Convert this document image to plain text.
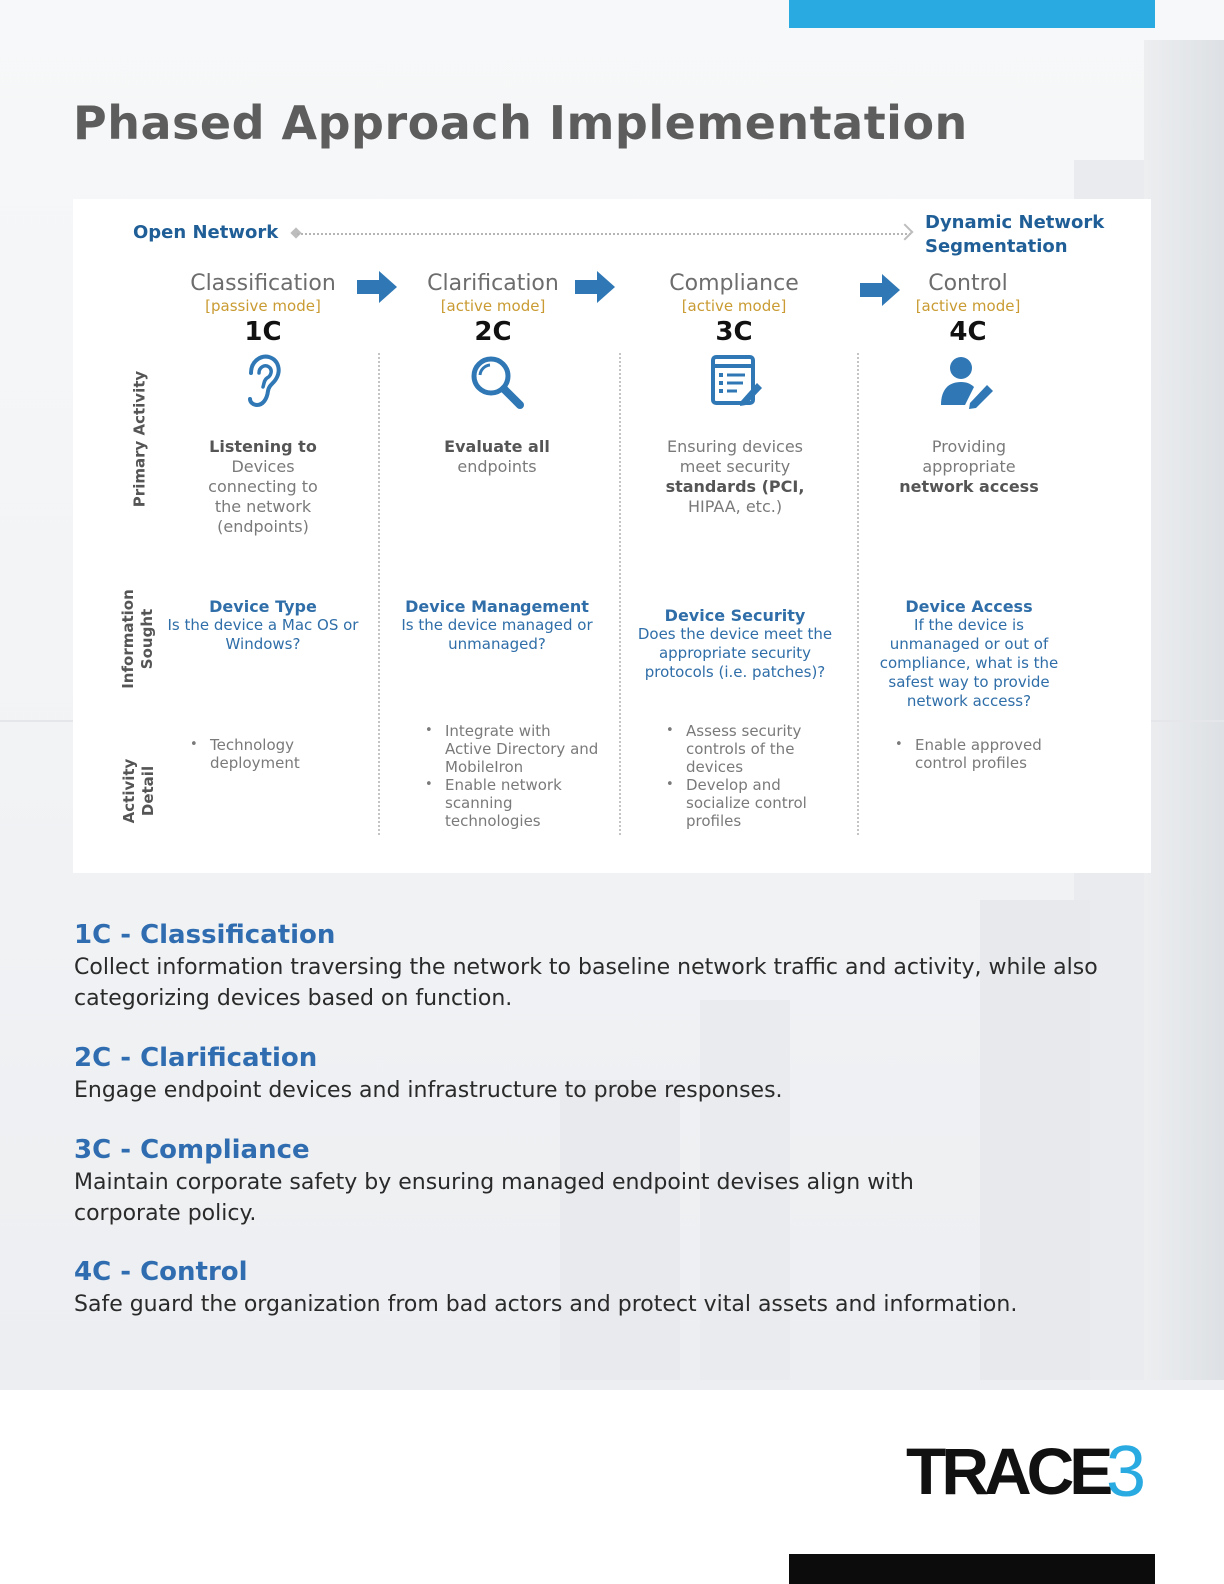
Phased Approach Implementation
Open Network	Dynamic Network
Segmentation
Classification
[passive mode]
1C
Clarification
[active mode]
2C
Compliance
[active mode]
3C
Control
[active mode]
4C
Primary Activity
Information Sought
Activity Detail
Listening to
Devices
connecting to
the network
(endpoints)
Evaluate all
endpoints
Ensuring devices
meet security
standards (PCI,
HIPAA, etc.)
Providing
appropriate
network access
Device Type
Is the device a Mac OS or Windows?
Device Management
Is the device managed or unmanaged?
Device Security
Does the device meet the appropriate security protocols (i.e. patches)?
Device Access
If the device is unmanaged or out of compliance, what is the safest way to provide network access?
• Technology deployment
• Integrate with Active Directory and MobileIron
• Enable network scanning technologies
• Assess security controls of the devices
• Develop and socialize control profiles
• Enable approved control profiles
1C - Classification
Collect information traversing the network to baseline network traffic and activity, while also categorizing devices based on function.
2C - Clarification
Engage endpoint devices and infrastructure to probe responses.
3C - Compliance
Maintain corporate safety by ensuring managed endpoint devises align with corporate policy.
4C - Control
Safe guard the organization from bad actors and protect vital assets and information.
TRACE
3
